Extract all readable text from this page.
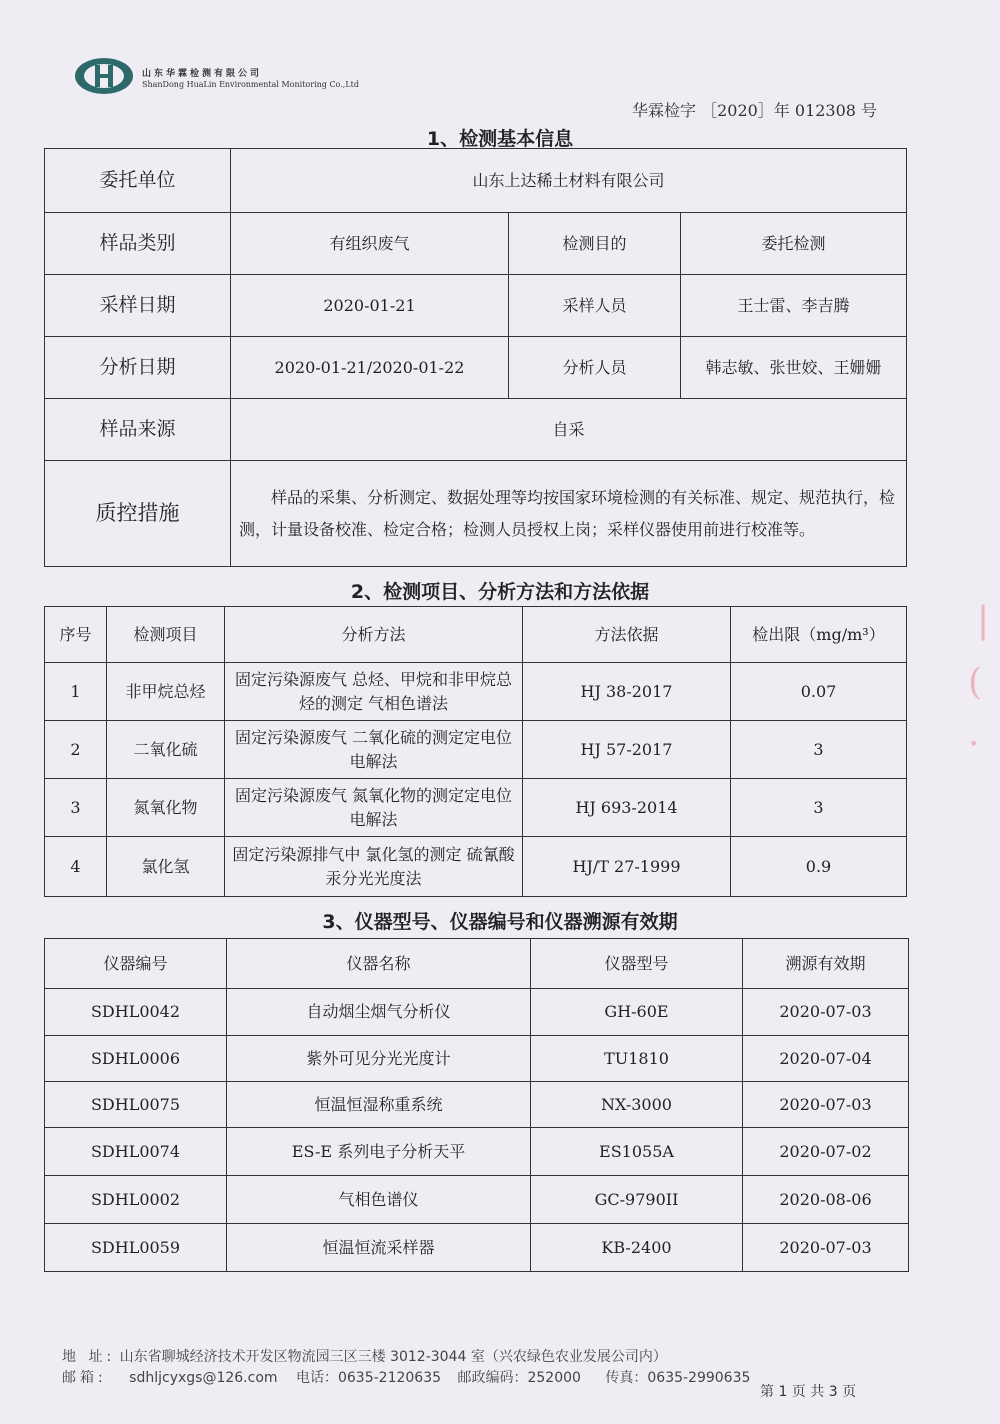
山东华霖检测有限公司
ShanDong HuaLin Environmental Monitoring Co.,Ltd
华霖检字 ［2020］年 012308 号
1、检测基本信息
委托单位	山东上达稀土材料有限公司		
样品类别	有组织废气	检测目的	委托检测
采样日期	2020-01-21	采样人员	王士雷、李吉腾
分析日期	2020-01-21/2020-01-22	分析人员	韩志敏、张世姣、王姗姗
样品来源	自采		
质控措施	样品的采集、分析测定、数据处理等均按国家环境检测的有关标准、规定、规范执行，检测，计量设备校准、检定合格；检测人员授权上岗；采样仪器使用前进行校准等。		
2、检测项目、分析方法和方法依据
序号	检测项目	分析方法	方法依据	检出限（mg/m³）
1	非甲烷总烃	固定污染源废气 总烃、甲烷和非甲烷总烃的测定 气相色谱法	HJ 38-2017	0.07
2	二氧化硫	固定污染源废气 二氧化硫的测定定电位电解法	HJ 57-2017	3
3	氮氧化物	固定污染源废气 氮氧化物的测定定电位电解法	HJ 693-2014	3
4	氯化氢	固定污染源排气中 氯化氢的测定 硫氰酸汞分光光度法	HJ/T 27-1999	0.9
3、仪器型号、仪器编号和仪器溯源有效期
仪器编号	仪器名称	仪器型号	溯源有效期
SDHL0042	自动烟尘烟气分析仪	GH-60E	2020-07-03
SDHL0006	紫外可见分光光度计	TU1810	2020-07-04
SDHL0075	恒温恒湿称重系统	NX-3000	2020-07-03
SDHL0074	ES-E 系列电子分析天平	ES1055A	2020-07-02
SDHL0002	气相色谱仪	GC-9790II	2020-08-06
SDHL0059	恒温恒流采样器	KB-2400	2020-07-03
❘
(
·
地 址: 山东省聊城经济技术开发区物流园三区三楼 3012-3044 室（兴农绿色农业发展公司内）
邮箱: sdhljcyxgs@126.com 电话：0635-2120635 邮政编码：252000 传真：0635-2990635
第 1 页 共 3 页
